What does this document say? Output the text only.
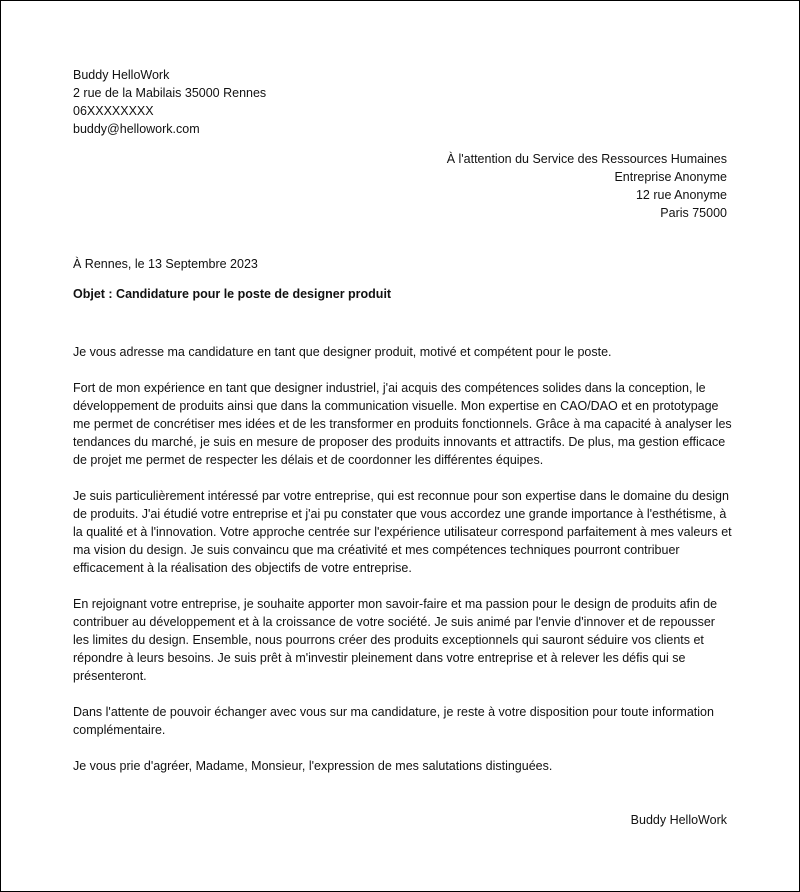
Buddy HelloWork
2 rue de la Mabilais 35000 Rennes
06XXXXXXXX
buddy@hellowork.com
À l'attention du Service des Ressources Humaines
Entreprise Anonyme
12 rue Anonyme
Paris 75000
À Rennes, le 13 Septembre 2023
Objet : Candidature pour le poste de designer produit

Je vous adresse ma candidature en tant que designer produit, motivé et compétent pour le poste.

Fort de mon expérience en tant que designer industriel, j'ai acquis des compétences solides dans la conception, le développement de produits ainsi que dans la communication visuelle. Mon expertise en CAO/DAO et en prototypage me permet de concrétiser mes idées et de les transformer en produits fonctionnels. Grâce à ma capacité à analyser les tendances du marché, je suis en mesure de proposer des produits innovants et attractifs. De plus, ma gestion efficace de projet me permet de respecter les délais et de coordonner les différentes équipes.

Je suis particulièrement intéressé par votre entreprise, qui est reconnue pour son expertise dans le domaine du design de produits. J'ai étudié votre entreprise et j'ai pu constater que vous accordez une grande importance à l'esthétisme, à la qualité et à l'innovation. Votre approche centrée sur l'expérience utilisateur correspond parfaitement à mes valeurs et ma vision du design. Je suis convaincu que ma créativité et mes compétences techniques pourront contribuer efficacement à la réalisation des objectifs de votre entreprise.

En rejoignant votre entreprise, je souhaite apporter mon savoir-faire et ma passion pour le design de produits afin de contribuer au développement et à la croissance de votre société. Je suis animé par l'envie d'innover et de repousser les limites du design. Ensemble, nous pourrons créer des produits exceptionnels qui sauront séduire vos clients et répondre à leurs besoins. Je suis prêt à m'investir pleinement dans votre entreprise et à relever les défis qui se présenteront.

Dans l'attente de pouvoir échanger avec vous sur ma candidature, je reste à votre disposition pour toute information complémentaire.

Je vous prie d'agréer, Madame, Monsieur, l'expression de mes salutations distinguées.

Buddy HelloWork
